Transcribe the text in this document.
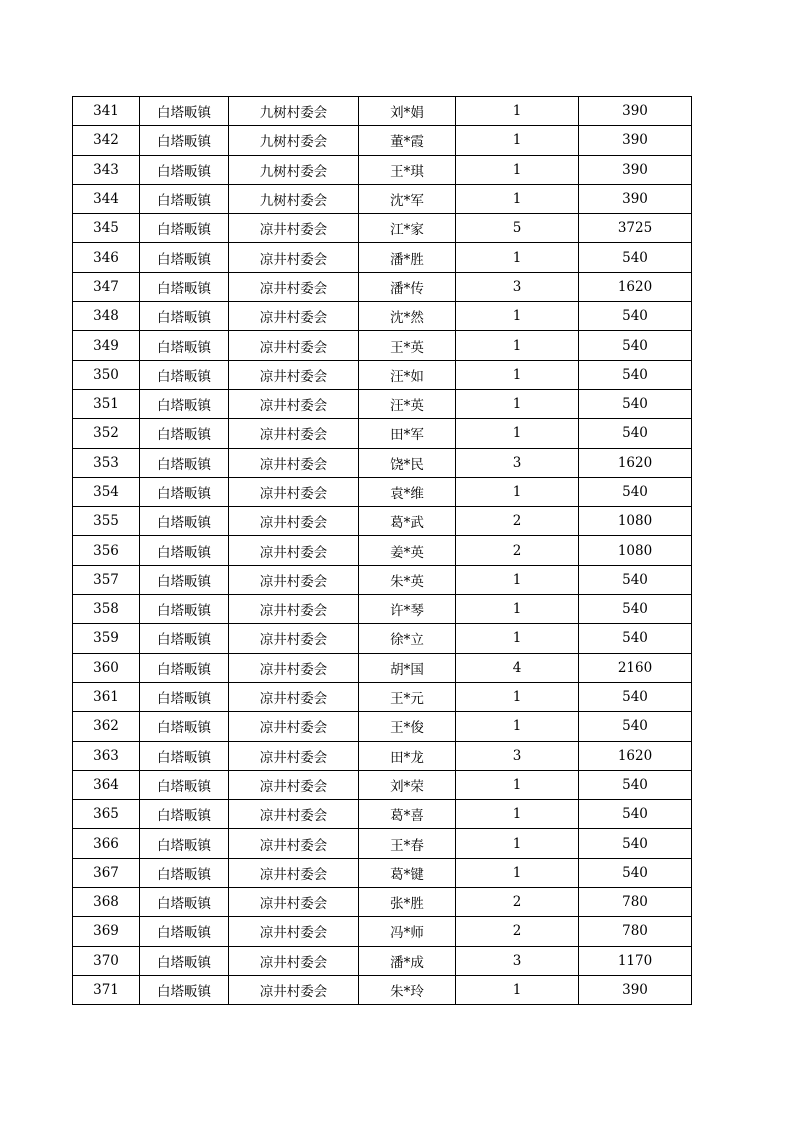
341	白塔畈镇	九树村委会	刘*娟	1	390
342	白塔畈镇	九树村委会	董*霞	1	390
343	白塔畈镇	九树村委会	王*琪	1	390
344	白塔畈镇	九树村委会	沈*军	1	390
345	白塔畈镇	凉井村委会	江*家	5	3725
346	白塔畈镇	凉井村委会	潘*胜	1	540
347	白塔畈镇	凉井村委会	潘*传	3	1620
348	白塔畈镇	凉井村委会	沈*然	1	540
349	白塔畈镇	凉井村委会	王*英	1	540
350	白塔畈镇	凉井村委会	汪*如	1	540
351	白塔畈镇	凉井村委会	汪*英	1	540
352	白塔畈镇	凉井村委会	田*军	1	540
353	白塔畈镇	凉井村委会	饶*民	3	1620
354	白塔畈镇	凉井村委会	袁*维	1	540
355	白塔畈镇	凉井村委会	葛*武	2	1080
356	白塔畈镇	凉井村委会	姜*英	2	1080
357	白塔畈镇	凉井村委会	朱*英	1	540
358	白塔畈镇	凉井村委会	许*琴	1	540
359	白塔畈镇	凉井村委会	徐*立	1	540
360	白塔畈镇	凉井村委会	胡*国	4	2160
361	白塔畈镇	凉井村委会	王*元	1	540
362	白塔畈镇	凉井村委会	王*俊	1	540
363	白塔畈镇	凉井村委会	田*龙	3	1620
364	白塔畈镇	凉井村委会	刘*荣	1	540
365	白塔畈镇	凉井村委会	葛*喜	1	540
366	白塔畈镇	凉井村委会	王*春	1	540
367	白塔畈镇	凉井村委会	葛*键	1	540
368	白塔畈镇	凉井村委会	张*胜	2	780
369	白塔畈镇	凉井村委会	冯*师	2	780
370	白塔畈镇	凉井村委会	潘*成	3	1170
371	白塔畈镇	凉井村委会	朱*玲	1	390
